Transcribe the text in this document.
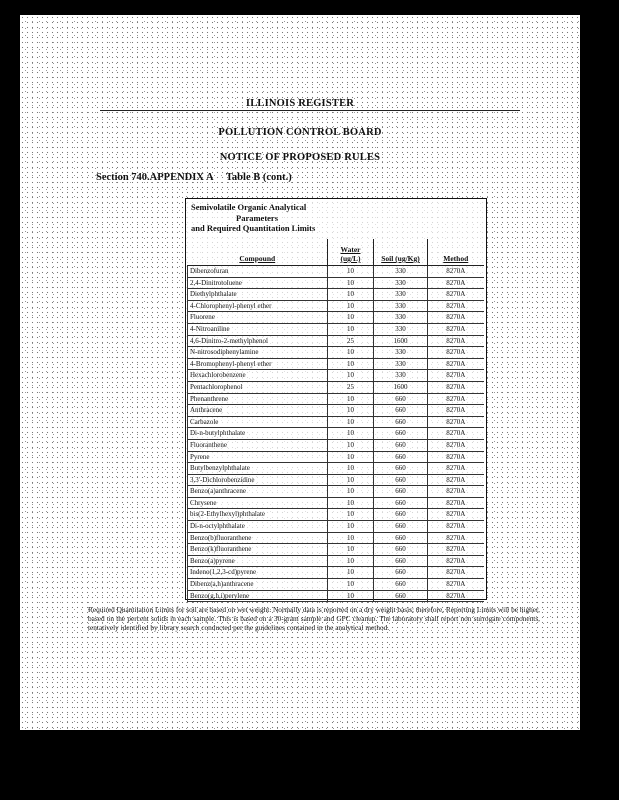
ILLINOIS REGISTER
POLLUTION CONTROL BOARD
NOTICE OF PROPOSED RULES
Section 740.APPENDIX A     Table B (cont.)
Semivolatile Organic Analytical
Parameters
and Required Quantitation Limits
Compound	Water (ug/L)	Soil (ug/Kg)	Method
Dibenzofuran	10	330	8270A
2,4-Dinitrotoluene	10	330	8270A
Diethylphthalate	10	330	8270A
4-Chlorophenyl-phenyl ether	10	330	8270A
Fluorene	10	330	8270A
4-Nitroaniline	10	330	8270A
4,6-Dinitro-2-methylphenol	25	1600	8270A
N-nitrosodiphenylamine	10	330	8270A
4-Bromophenyl-phenyl ether	10	330	8270A
Hexachlorobenzene	10	330	8270A
Pentachlorophenol	25	1600	8270A
Phenanthrene	10	660	8270A
Anthracene	10	660	8270A
Carbazole	10	660	8270A
Di-n-butylphthalate	10	660	8270A
Fluoranthene	10	660	8270A
Pyrene	10	660	8270A
Butylbenzylphthalate	10	660	8270A
3,3'-Dichlorobenzidine	10	660	8270A
Benzo(a)anthracene	10	660	8270A
Chrysene	10	660	8270A
bis(2-Ethylhexyl)phthalate	10	660	8270A
Di-n-octylphthalate	10	660	8270A
Benzo(b)fluoranthene	10	660	8270A
Benzo(k)fluoranthene	10	660	8270A
Benzo(a)pyrene	10	660	8270A
Indeno(1,2,3-cd)pyrene	10	660	8270A
Dibenz(a,h)anthracene	10	660	8270A
Benzo(g,h,i)perylene	10	660	8270A
Required Quantitation Limits for soil are based on wet weight. Normally data is reported on a dry weight basis; therefore, Reporting Limits will be higher, based on the percent solids in each sample. This is based on a 30-gram sample and GPC cleanup. The laboratory shall report non surrogate components, tentatively identified by library search conducted per the guidelines contained in the analytical method.
